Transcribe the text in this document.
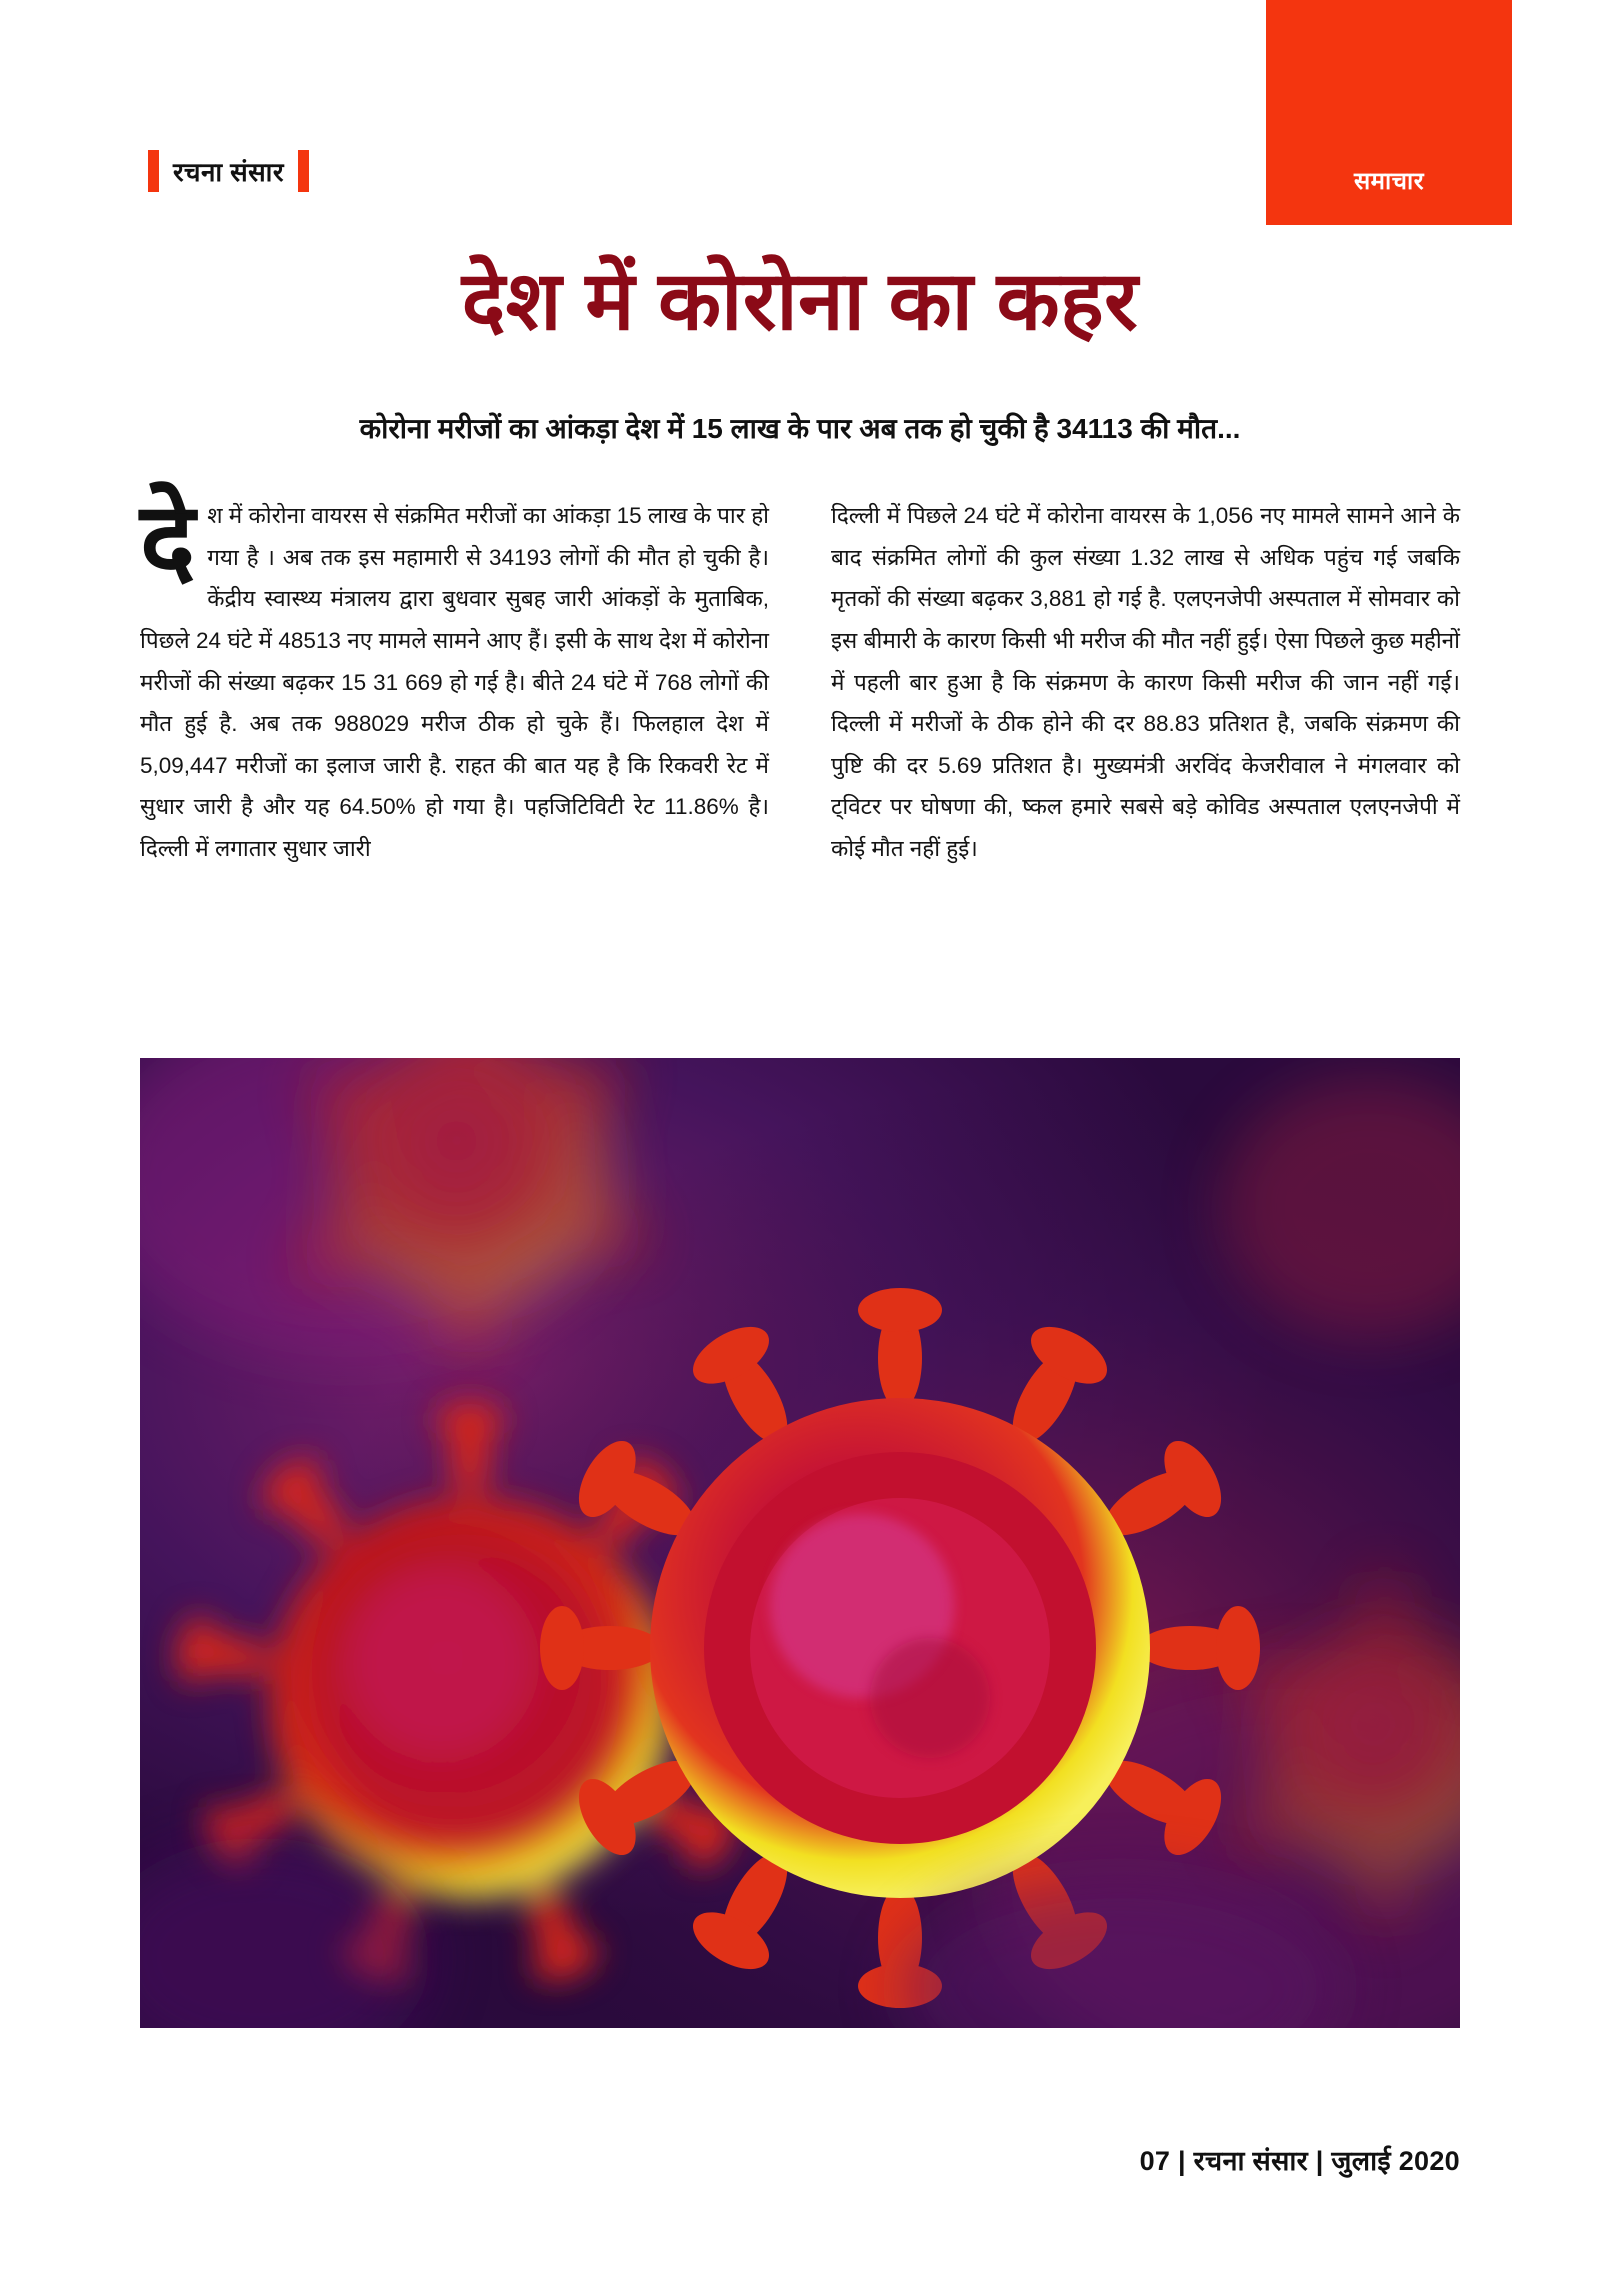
समाचार
रचना संसार
देश में कोरोना का कहर
कोरोना मरीजों का आंकड़ा देश में 15 लाख के पार अब तक हो चुकी है 34113 की मौत...
दे श में कोरोना वायरस से संक्रमित मरीजों का आंकड़ा 15 लाख के पार हो गया है । अब तक इस महामारी से 34193 लोगों की मौत हो चुकी है। केंद्रीय स्वास्थ्य मंत्रालय द्वारा बुधवार सुबह जारी आंकड़ों के मुताबिक, पिछले 24 घंटे में 48513 नए मामले सामने आए हैं। इसी के साथ देश में कोरोना मरीजों की संख्या बढ़कर 15 31 669 हो गई है। बीते 24 घंटे में 768 लोगों की मौत हुई है. अब तक 988029 मरीज ठीक हो चुके हैं। फिलहाल देश में 5,09,447 मरीजों का इलाज जारी है. राहत की बात यह है कि रिकवरी रेट में सुधार जारी है और यह 64.50% हो गया है। पहजिटिविटी रेट 11.86% है। दिल्ली में लगातार सुधार जारी

दिल्ली में पिछले 24 घंटे में कोरोना वायरस के 1,056 नए मामले सामने आने के बाद संक्रमित लोगों की कुल संख्या 1.32 लाख से अधिक पहुंच गई जबकि मृतकों की संख्या बढ़कर 3,881 हो गई है. एलएनजेपी अस्पताल में सोमवार को इस बीमारी के कारण किसी भी मरीज की मौत नहीं हुई। ऐसा पिछले कुछ महीनों में पहली बार हुआ है कि संक्रमण के कारण किसी मरीज की जान नहीं गई। दिल्ली में मरीजों के ठीक होने की दर 88.83 प्रतिशत है, जबकि संक्रमण की पुष्टि की दर 5.69 प्रतिशत है। मुख्यमंत्री अरविंद केजरीवाल ने मंगलवार को ट्विटर पर घोषणा की, ष्कल हमारे सबसे बड़े कोविड अस्पताल एलएनजेपी में कोई मौत नहीं हुई।

07 | रचना संसार | जुलाई 2020
